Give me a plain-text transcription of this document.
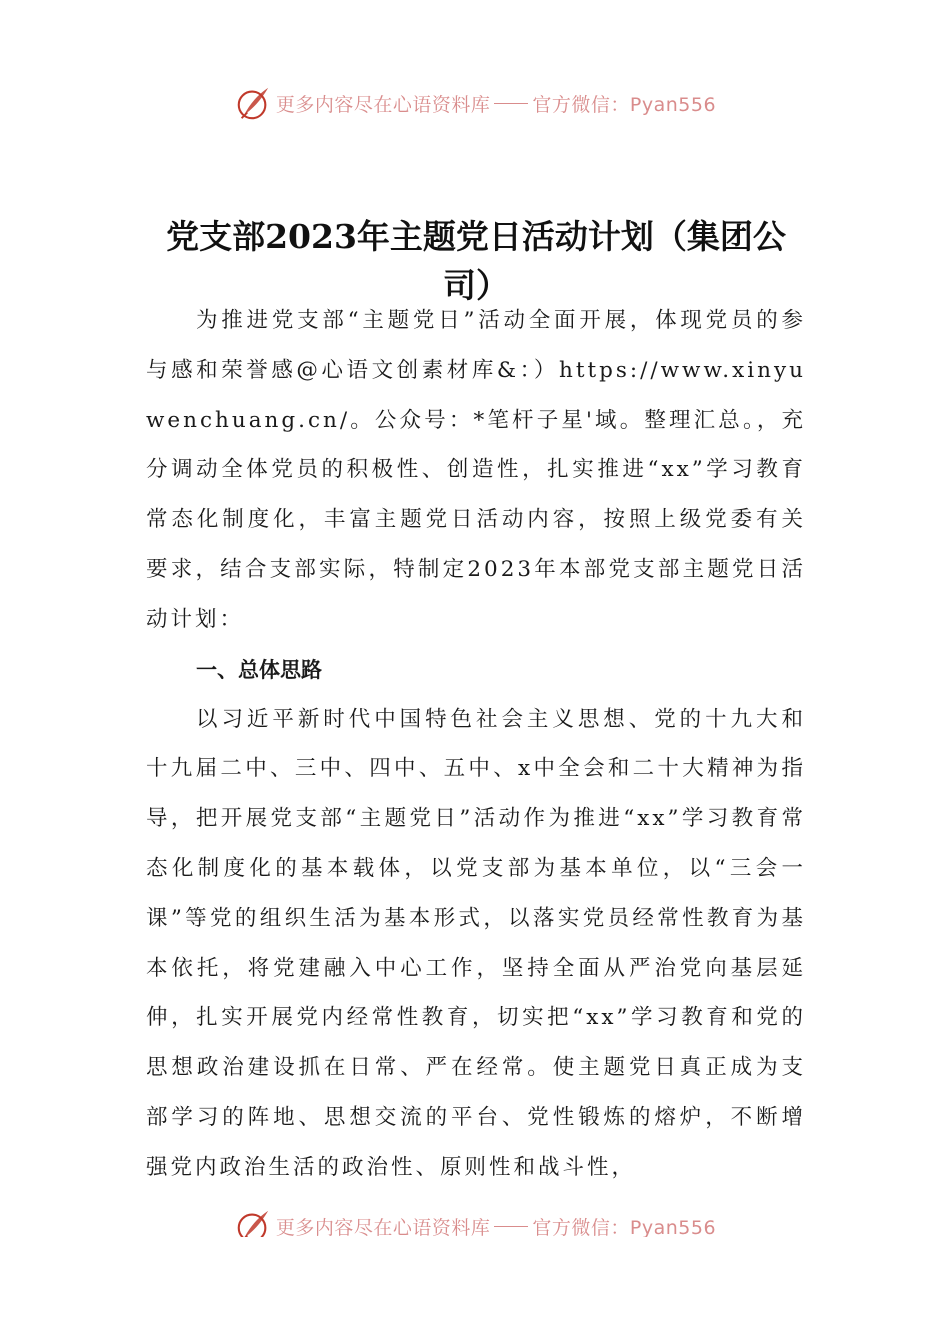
更多内容尽在心语资料库 官方微信：Pyan556
党支部2023年主题党日活动计划（集团公司）

为推进党支部“主题党日”活动全面开展，体现党员的参与感和荣誉感@心语文创素材库&：）https://www.xinyuwenchuang.cn/。公众号：*笔杆子星'域。整理汇总。，充分调动全体党员的积极性、创造性，扎实推进“xx”学习教育常态化制度化，丰富主题党日活动内容，按照上级党委有关要求，结合支部实际，特制定2023年本部党支部主题党日活动计划：

一、总体思路

以习近平新时代中国特色社会主义思想、党的十九大和十九届二中、三中、四中、五中、x中全会和二十大精神为指导，把开展党支部“主题党日”活动作为推进“xx”学习教育常态化制度化的基本载体，以党支部为基本单位，以“三会一课”等党的组织生活为基本形式，以落实党员经常性教育为基本依托，将党建融入中心工作，坚持全面从严治党向基层延伸，扎实开展党内经常性教育，切实把“xx”学习教育和党的思想政治建设抓在日常、严在经常。使主题党日真正成为支部学习的阵地、思想交流的平台、党性锻炼的熔炉，不断增强党内政治生活的政治性、原则性和战斗性，

更多内容尽在心语资料库 官方微信：Pyan556
